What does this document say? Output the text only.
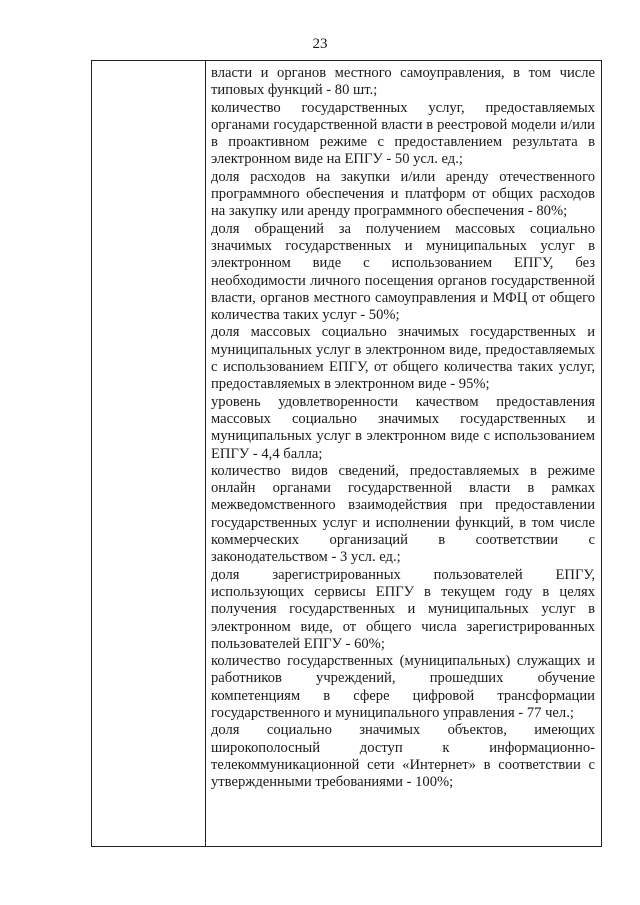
23

власти и органов местного самоуправления, в том числе типовых функций - 80 шт.;

количество государственных услуг, предоставляемых органами государственной власти в реестровой модели и/или в проактивном режиме с предоставлением результата в электронном виде на ЕПГУ - 50 усл. ед.;

доля расходов на закупки и/или аренду отечественного программного обеспечения и платформ от общих расходов на закупку или аренду программного обеспечения - 80%;

доля обращений за получением массовых социально значимых государственных и муниципальных услуг в электронном виде с использованием ЕПГУ, без необходимости личного посещения органов государственной власти, органов местного самоуправления и МФЦ от общего количества таких услуг - 50%;

доля массовых социально значимых государственных и муниципальных услуг в электронном виде, предоставляемых с использованием ЕПГУ, от общего количества таких услуг, предоставляемых в электронном виде - 95%;

уровень удовлетворенности качеством предоставления массовых социально значимых государственных и муниципальных услуг в электронном виде с использованием ЕПГУ - 4,4 балла;

количество видов сведений, предоставляемых в режиме онлайн органами государственной власти в рамках межведомственного взаимодействия при предоставлении государственных услуг и исполнении функций, в том числе коммерческих организаций в соответствии с законодательством - 3 усл. ед.;

доля зарегистрированных пользователей ЕПГУ, использующих сервисы ЕПГУ в текущем году в целях получения государственных и муниципальных услуг в электронном виде, от общего числа зарегистрированных пользователей ЕПГУ - 60%;

количество государственных (муниципальных) служащих и работников учреждений, прошедших обучение компетенциям в сфере цифровой трансформации государственного и муниципального управления - 77 чел.;

доля социально значимых объектов, имеющих широкополосный доступ к информационно-телекоммуникационной сети «Интернет» в соответствии с утвержденными требованиями - 100%;
